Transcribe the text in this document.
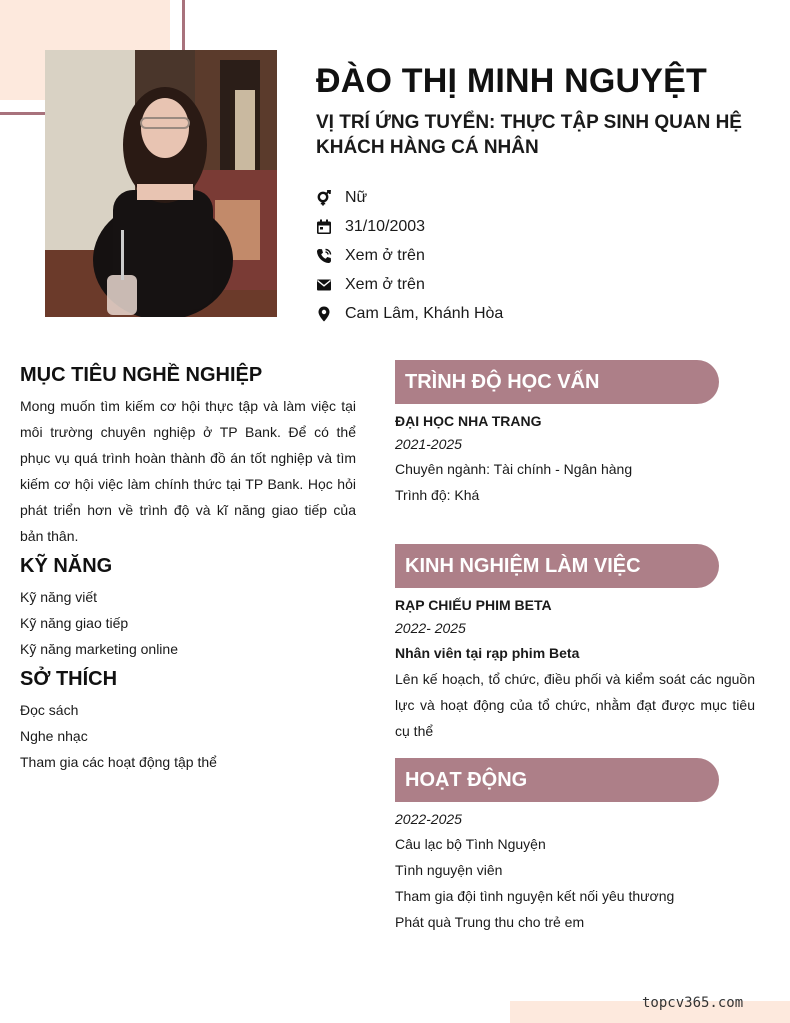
ĐÀO THỊ MINH NGUYỆT
VỊ TRÍ ỨNG TUYỂN: THỰC TẬP SINH QUAN HỆ KHÁCH HÀNG CÁ NHÂN
Nữ
31/10/2003
Xem ở trên
Xem ở trên
Cam Lâm, Khánh Hòa
MỤC TIÊU NGHỀ NGHIỆP
Mong muốn tìm kiếm cơ hội thực tập và làm việc tại môi trường chuyên nghiệp ở TP Bank. Để có thể phục vụ quá trình hoàn thành đồ án tốt nghiệp và tìm kiếm cơ hội việc làm chính thức tại TP Bank. Học hỏi phát triển hơn về trình độ và kĩ năng giao tiếp của bản thân.
KỸ NĂNG
Kỹ năng viết
Kỹ năng giao tiếp
Kỹ năng marketing online
SỞ THÍCH
Đọc sách
Nghe nhạc
Tham gia các hoạt động tập thể
TRÌNH ĐỘ HỌC VẤN
ĐẠI HỌC NHA TRANG
2021-2025
Chuyên ngành: Tài chính - Ngân hàng
Trình độ: Khá
KINH NGHIỆM LÀM VIỆC
RẠP CHIẾU PHIM BETA
2022- 2025
Nhân viên tại rạp phim Beta
Lên kế hoạch, tổ chức, điều phối và kiểm soát các nguồn lực và hoạt động của tổ chức, nhằm đạt được mục tiêu cụ thể
HOẠT ĐỘNG
2022-2025
Câu lạc bộ Tình Nguyện
Tình nguyện viên
Tham gia đội tình nguyện kết nối yêu thương
Phát quà Trung thu cho trẻ em
topcv365.com
